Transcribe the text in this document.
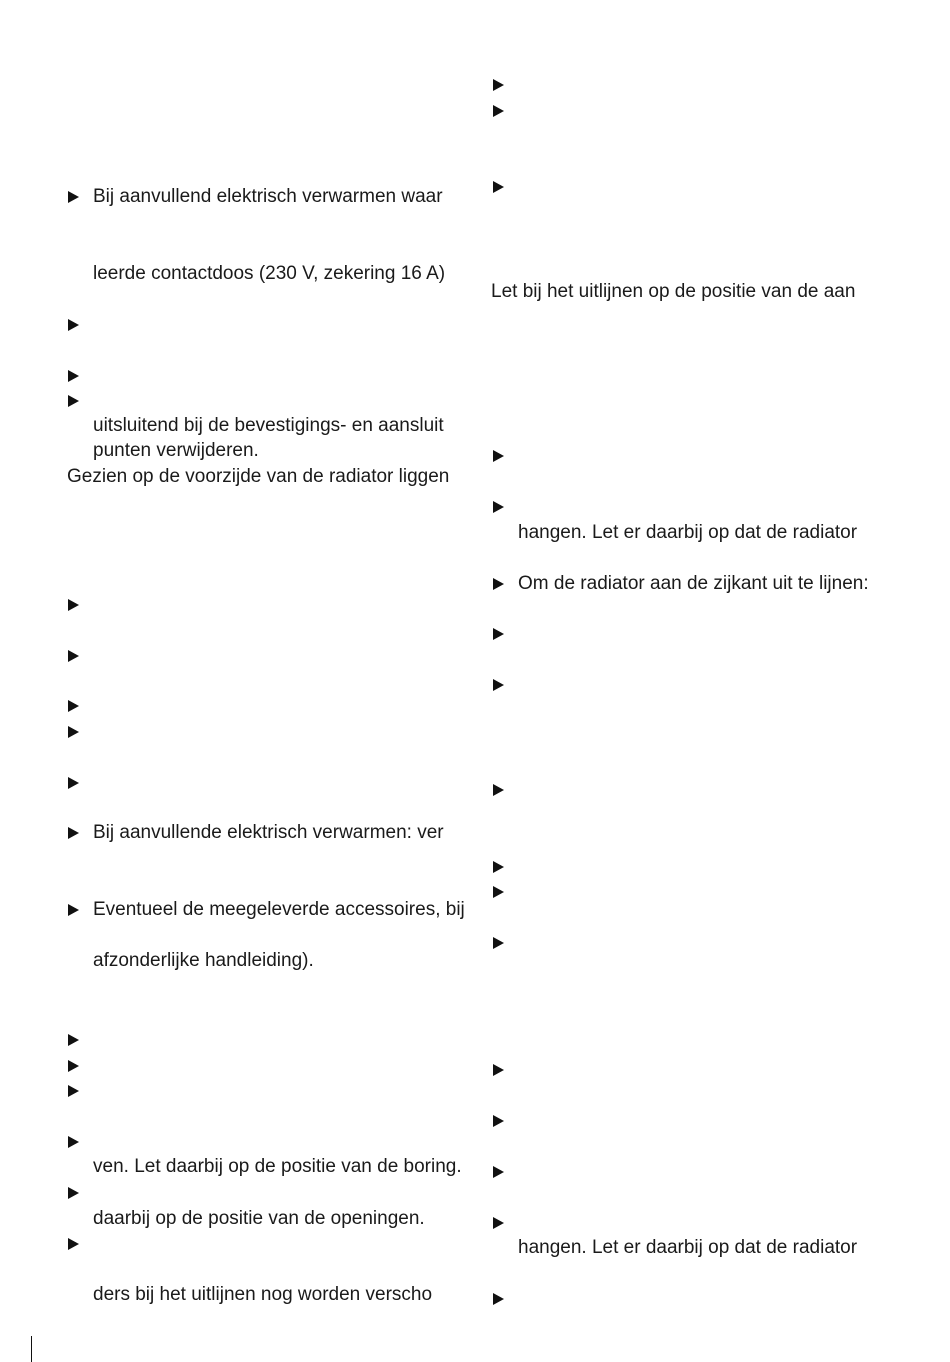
Bij aanvullend elektrisch verwarmen waar
leerde contactdoos (230 V, zekering 16 A)
uitsluitend bij de bevestigings- en aansluit
punten verwijderen.
Gezien op de voorzijde van de radiator liggen
Bij aanvullende elektrisch verwarmen: ver
Eventueel de meegeleverde accessoires, bij
afzonderlijke handleiding).
ven. Let daarbij op de positie van de boring.
daarbij op de positie van de openingen.
ders bij het uitlijnen nog worden verscho
Let bij het uitlijnen op de positie van de aan
hangen. Let er daarbij op dat de radiator
Om de radiator aan de zijkant uit te lijnen:
hangen. Let er daarbij op dat de radiator
